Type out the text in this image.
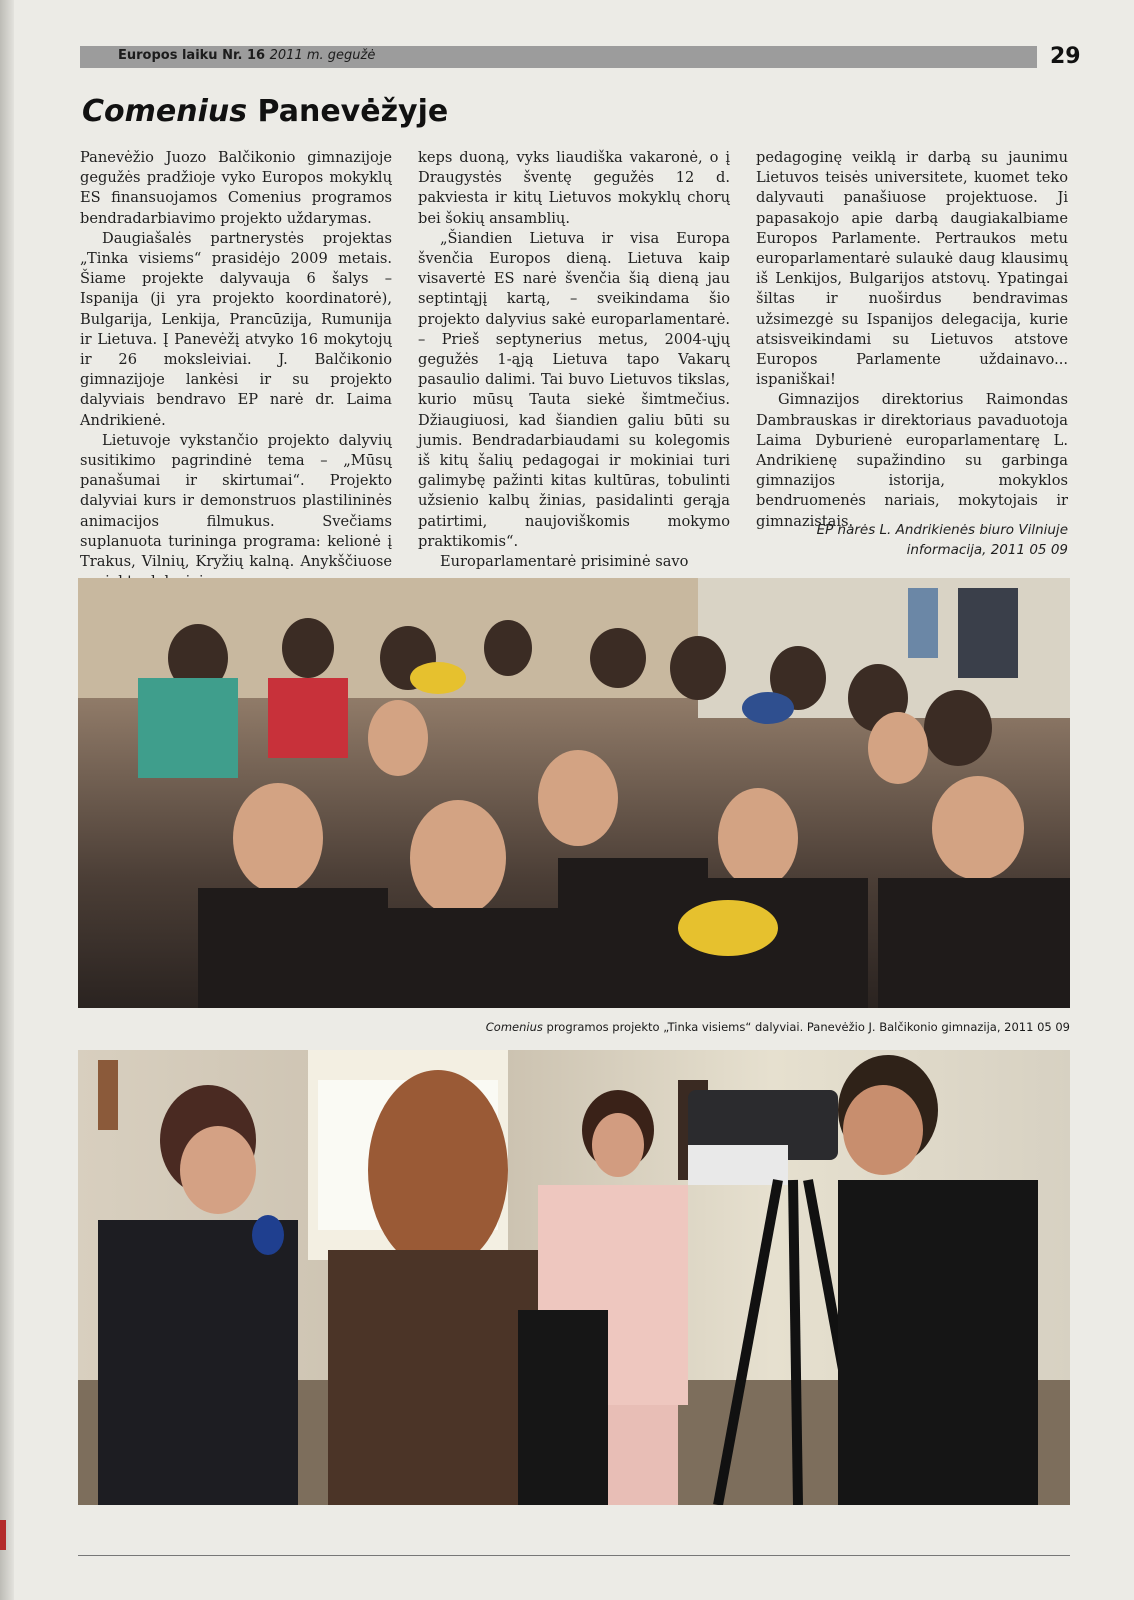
Europos laiku Nr. 16 2011 m. gegužė	29
Comenius Panevėžyje

Panevėžio Juozo Balčikonio gimnazijoje gegužės pradžioje vyko Europos mokyklų ES finansuojamos Comenius programos bendradarbiavimo projekto uždarymas.

Daugiašalės partnerystės projektas „Tinka visiems“ prasidėjo 2009 metais. Šiame projekte dalyvauja 6 šalys – Ispanija (ji yra projekto koordinatorė), Bulgarija, Lenkija, Prancūzija, Rumunija ir Lietuva. Į Panevėžį atvyko 16 mokytojų ir 26 moksleiviai. J. Balčikonio gimnazijoje lankėsi ir su projekto dalyviais bendravo EP narė dr. Laima Andrikienė.

Lietuvoje vykstančio projekto dalyvių susitikimo pagrindinė tema – „Mūsų panašumai ir skirtumai“. Projekto dalyviai kurs ir demonstruos plastilininės animacijos filmukus. Svečiams suplanuota turininga programa: kelionė į Trakus, Vilnių, Kryžių kalną. Anykščiuose

keps duoną, vyks liaudiška vakaronė, o į Draugystės šventę gegužės 12 d. pakviesta ir kitų Lietuvos mokyklų chorų bei šokių ansamblių.

„Šiandien Lietuva ir visa Europa švenčia Europos dieną. Lietuva kaip visavertė ES narė švenčia šią dieną jau septintąjį kartą, – sveikindama šio projekto dalyvius sakė europarlamentarė. – Prieš septynerius metus, 2004-ųjų gegužės 1-ąją Lietuva tapo Vakarų pasaulio dalimi. Tai buvo Lietuvos tikslas, kurio mūsų Tauta siekė šimtmečius. Džiaugiuosi, kad šiandien galiu būti su jumis. Bendradarbiaudami su kolegomis iš kitų šalių pedagogai ir mokiniai turi galimybę pažinti kitas kultūras, tobulinti užsienio kalbų žinias, pasidalinti gerąja patirtimi, naujoviškomis mokymo praktikomis“.

Europarlamentarė prisiminė savo

pedagoginę veiklą ir darbą su jaunimu Lietuvos teisės universitete, kuomet teko dalyvauti panašiuose projektuose. Ji papasakojo apie darbą daugiakalbiame Europos Parlamente. Pertraukos metu europarlamentarė sulaukė daug klausimų iš Lenkijos, Bulgarijos atstovų. Ypatingai šiltas ir nuoširdus bendravimas užsimezgė su Ispanijos delegacija, kurie atsisveikindami su Lietuvos atstove Europos Parlamente uždainavo... ispaniškai!

Gimnazijos direktorius Raimondas Dambrauskas ir direktoriaus pavaduotoja Laima Dyburienė europarlamentarę L. Andrikienę supažindino su garbinga gimnazijos istorija, mokyklos bendruomenės nariais, mokytojais ir gimnazistais.

EP narės L. Andrikienės biuro Vilniuje
informacija, 2011 05 09
Comenius programos projekto „Tinka visiems“ dalyviai. Panevėžio J. Balčikonio gimnazija, 2011 05 09
